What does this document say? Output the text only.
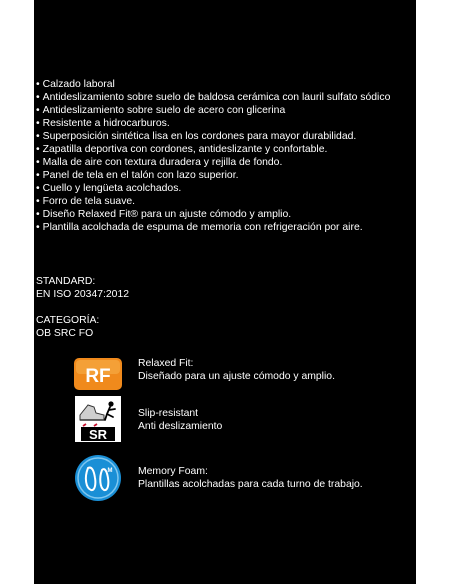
• Calzado laboral
• Antideslizamiento sobre suelo de baldosa cerámica con lauril sulfato sódico
• Antideslizamiento sobre suelo de acero con glicerina
• Resistente a hidrocarburos.
• Superposición sintética lisa en los cordones para mayor durabilidad.
• Zapatilla deportiva con cordones, antideslizante y confortable.
• Malla de aire con textura duradera y rejilla de fondo.
• Panel de tela en el talón con lazo superior.
• Cuello y lengüeta acolchados.
• Forro de tela suave.
• Diseño Relaxed Fit® para un ajuste cómodo y amplio.
• Plantilla acolchada de espuma de memoria con refrigeración por aire.
STANDARD:
EN ISO 20347:2012
CATEGORÍA:
OB SRC FO
RF
Relaxed Fit:
Diseñado para un ajuste cómodo y amplio.
SR
Slip-resistant
Anti deslizamiento
M Memory Foam:
Plantillas acolchadas para cada turno de trabajo.
